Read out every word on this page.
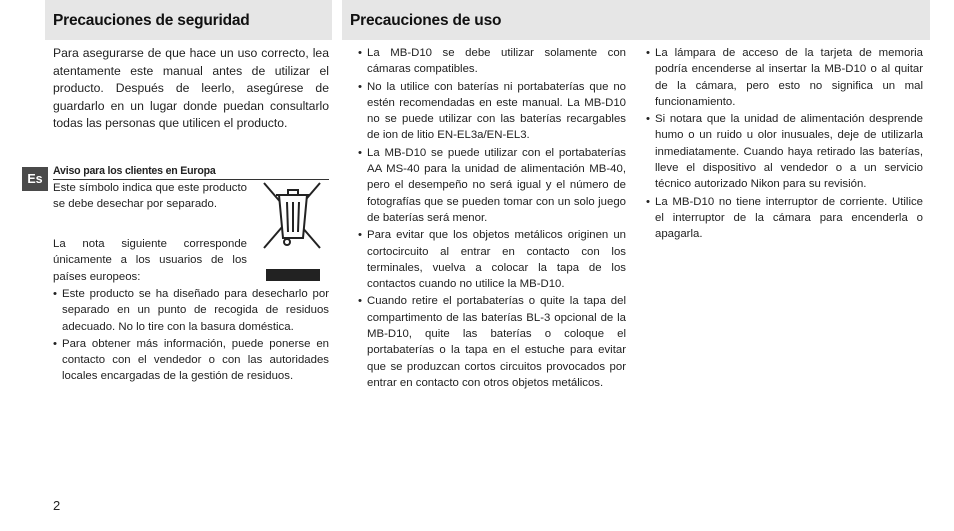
Precauciones de seguridad	Precauciones de uso
Es

Para asegurarse de que hace un uso correcto, lea atentamente este manual antes de utilizar el producto. Después de leerlo, asegúrese de guardarlo en un lugar donde puedan consultarlo todas las personas que utilicen el producto.

Aviso para los clientes en Europa

Este símbolo indica que este producto se debe desechar por separado.

La nota siguiente corresponde únicamente a los usuarios de los países europeos:

• Este producto se ha diseñado para desecharlo por separado en un punto de recogida de residuos adecuado. No lo tire con la basura doméstica.
• Para obtener más información, puede ponerse en contacto con el vendedor o con las autoridades locales encargadas de la gestión de residuos.
• La MB-D10 se debe utilizar solamente con cámaras compatibles.
• No la utilice con baterías ni portabaterías que no estén recomendadas en este manual. La MB-D10 no se puede utilizar con las baterías recargables de ion de litio EN-EL3a/EN-EL3.
• La MB-D10 se puede utilizar con el portabaterías AA MS-40 para la unidad de alimentación MB-40, pero el desempeño no será igual y el número de fotografías que se pueden tomar con un solo juego de baterías será menor.
• Para evitar que los objetos metálicos originen un cortocircuito al entrar en contacto con los terminales, vuelva a colocar la tapa de los contactos cuando no utilice la MB-D10.
• Cuando retire el portabaterías o quite la tapa del compartimento de las baterías BL-3 opcional de la MB-D10, quite las baterías o coloque el portabaterías o la tapa en el estuche para evitar que se produzcan cortos circuitos provocados por entrar en contacto con otros objetos metálicos.
• La lámpara de acceso de la tarjeta de memoria podría encenderse al insertar la MB-D10 o al quitar de la cámara, pero esto no significa un mal funcionamiento.
• Si notara que la unidad de alimentación desprende humo o un ruido u olor inusuales, deje de utilizarla inmediatamente. Cuando haya retirado las baterías, lleve el dispositivo al vendedor o a un servicio técnico autorizado Nikon para su revisión.
• La MB-D10 no tiene interruptor de corriente. Utilice el interruptor de la cámara para encenderla o apagarla.
2
